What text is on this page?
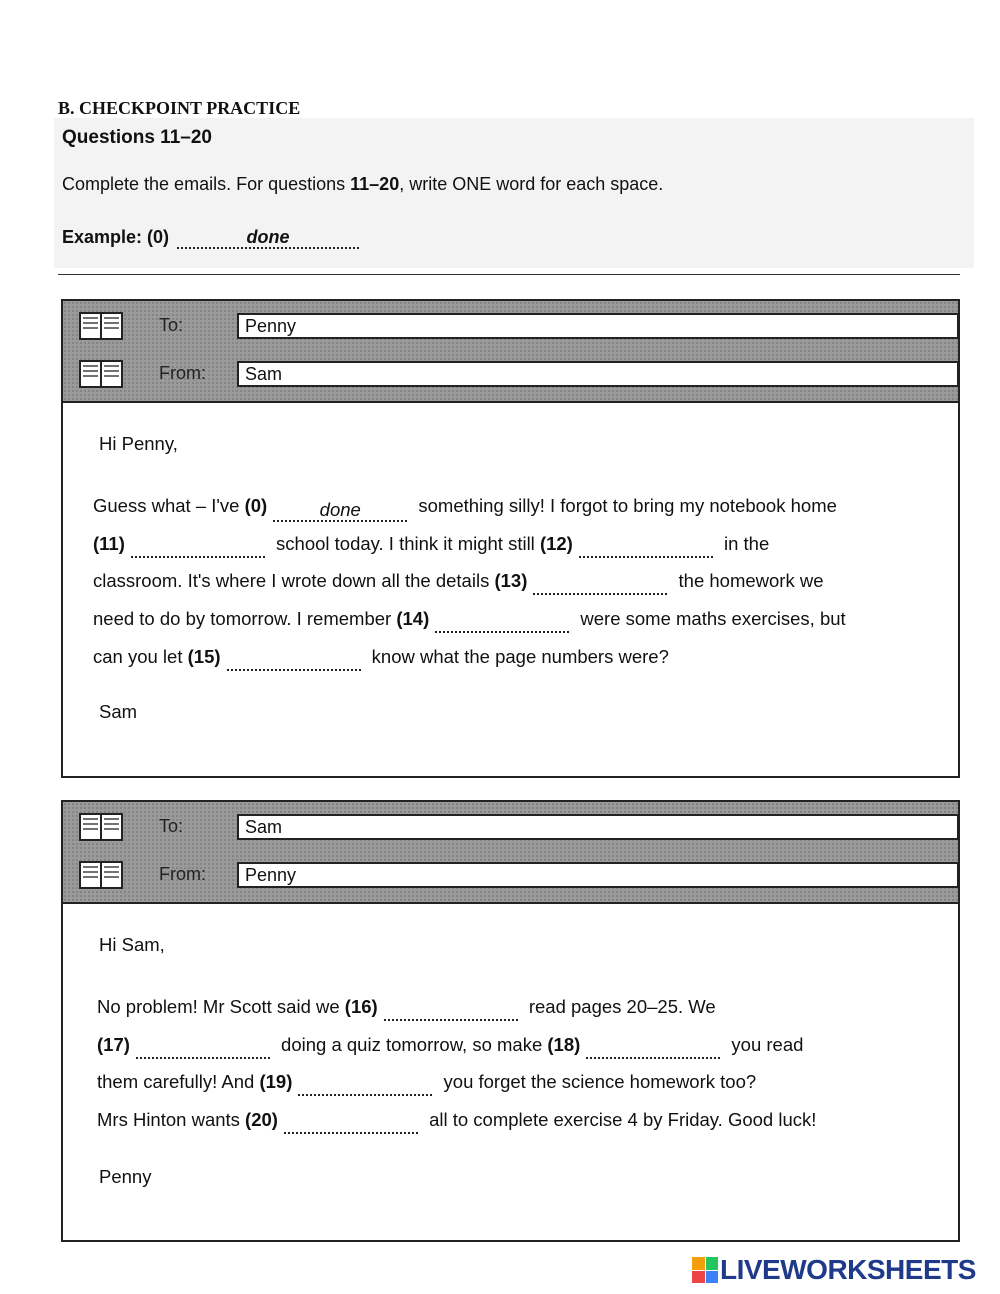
B. CHECKPOINT PRACTICE
Questions 11–20
Complete the emails. For questions 11–20, write ONE word for each space.
Example: (0)	done
To:	Penny
From:	Sam
Hi Penny,
Guess what – I've (0)	done	something silly! I forgot to bring my notebook home
(11)	school today. I think it might still (12)	in the
classroom. It's where I wrote down all the details (13)	the homework we
need to do by tomorrow. I remember (14)	were some maths exercises, but
can you let (15)	know what the page numbers were?
Sam
To:	Sam
From:	Penny
Hi Sam,
No problem! Mr Scott said we (16)	read pages 20–25. We
(17)	doing a quiz tomorrow, so make (18)	you read
them carefully! And (19)	you forget the science homework too?
Mrs Hinton wants (20)	all to complete exercise 4 by Friday. Good luck!
Penny
LIVEWORKSHEETS
